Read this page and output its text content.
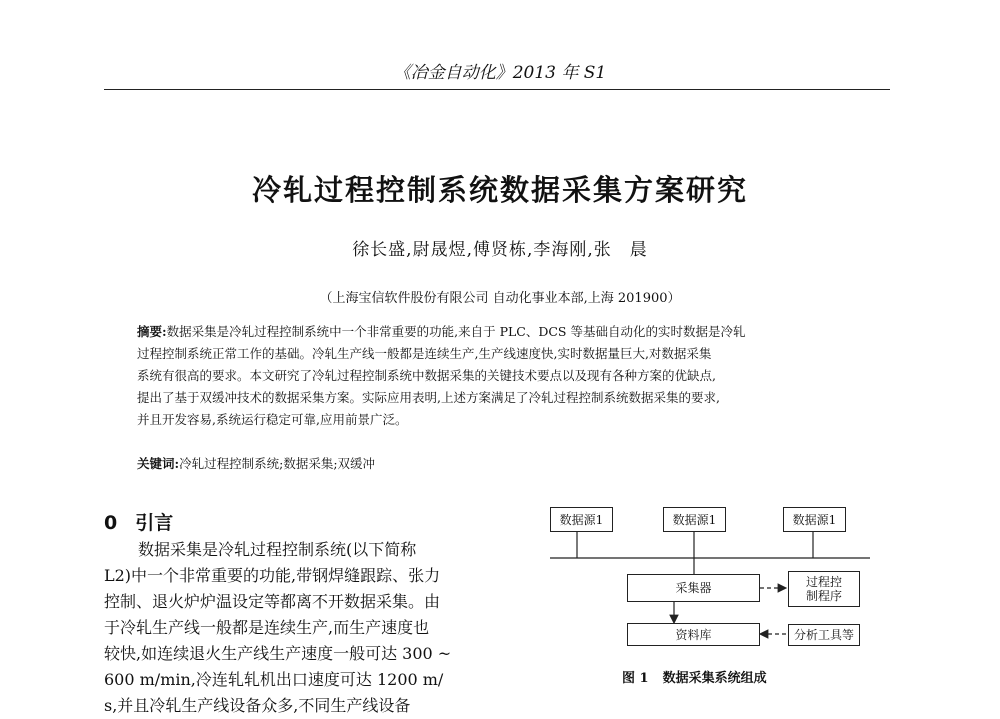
《冶金自动化》2013 年 S1
冷轧过程控制系统数据采集方案研究
徐长盛,尉晟煜,傅贤栋,李海刚,张　晨
（上海宝信软件股份有限公司 自动化事业本部,上海 201900）
摘要:数据采集是冷轧过程控制系统中一个非常重要的功能,来自于 PLC、DCS 等基础自动化的实时数据是冷轧
过程控制系统正常工作的基础。冷轧生产线一般都是连续生产,生产线速度快,实时数据量巨大,对数据采集
系统有很高的要求。本文研究了冷轧过程控制系统中数据采集的关键技术要点以及现有各种方案的优缺点,
提出了基于双缓冲技术的数据采集方案。实际应用表明,上述方案满足了冷轧过程控制系统数据采集的要求,
并且开发容易,系统运行稳定可靠,应用前景广泛。
关键词:冷轧过程控制系统;数据采集;双缓冲
0 引言
数据采集是冷轧过程控制系统(以下简称
L2)中一个非常重要的功能,带钢焊缝跟踪、张力
控制、退火炉炉温设定等都离不开数据采集。由
于冷轧生产线一般都是连续生产,而生产速度也
较快,如连续退火生产线生产速度一般可达 300 ~
600 m/min,冷连轧轧机出口速度可达 1200 m/
s,并且冷轧生产线设备众多,不同生产线设备
数据源1	数据源1	数据源1
采集器
资料库
过程控
制程序
分析工具等
图 1 数据采集系统组成
